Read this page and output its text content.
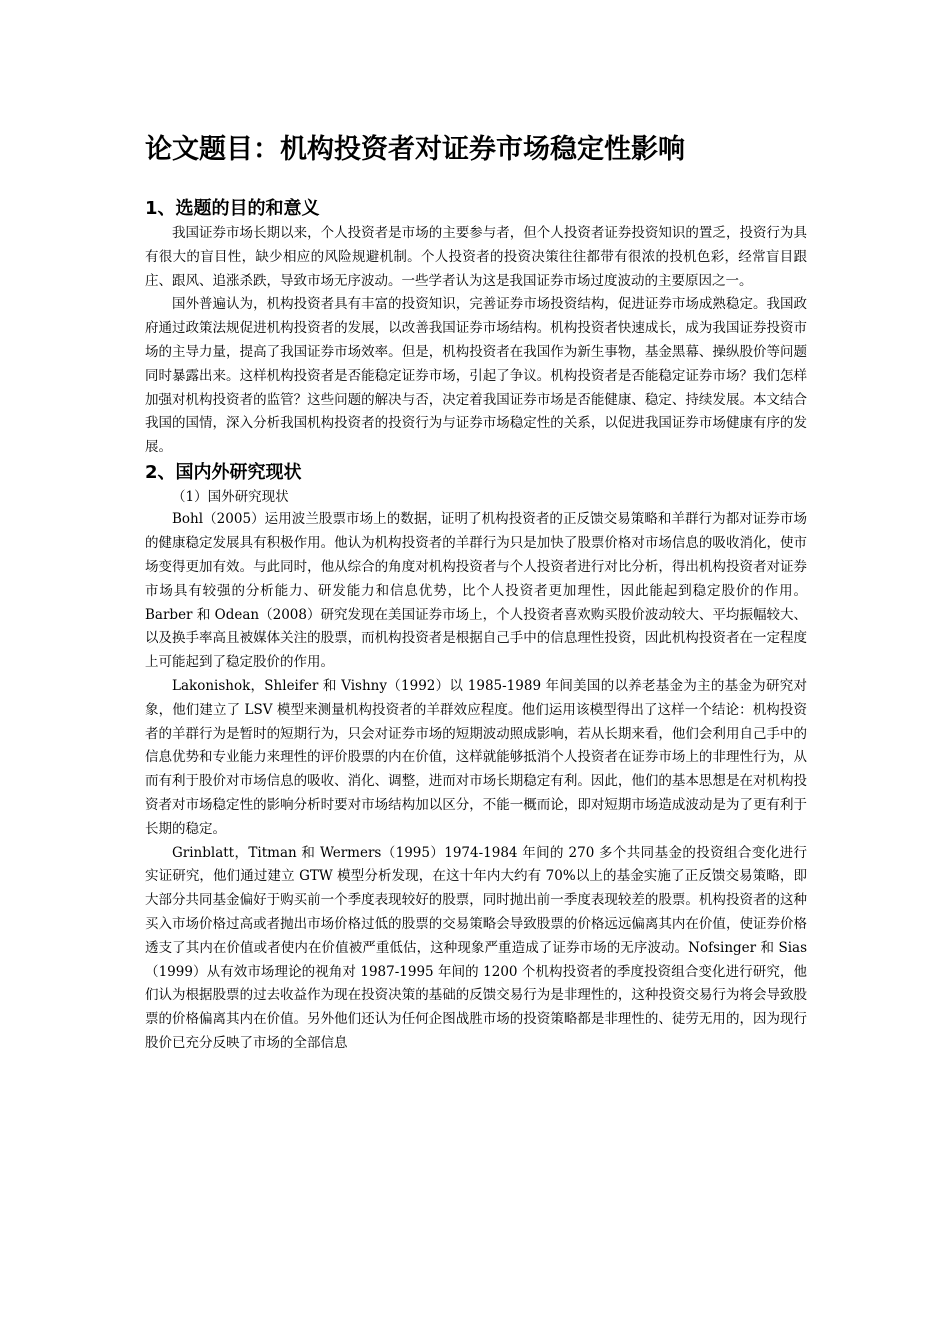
论文题目：机构投资者对证券市场稳定性影响
1、选题的目的和意义

我国证券市场长期以来，个人投资者是市场的主要参与者，但个人投资者证券投资知识的置乏，投资行为具有很大的盲目性，缺少相应的风险规避机制。个人投资者的投资决策往往都带有很浓的投机色彩，经常盲目跟庄、跟风、追涨杀跌，导致市场无序波动。一些学者认为这是我国证券市场过度波动的主要原因之一。

国外普遍认为，机构投资者具有丰富的投资知识，完善证券市场投资结构，促进证券市场成熟稳定。我国政府通过政策法规促进机构投资者的发展，以改善我国证券市场结构。机构投资者快速成长，成为我国证券投资市场的主导力量，提高了我国证券市场效率。但是，机构投资者在我国作为新生事物，基金黑幕、操纵股价等问题同时暴露出来。这样机构投资者是否能稳定证券市场，引起了争议。机构投资者是否能稳定证券市场？我们怎样加强对机构投资者的监管？这些问题的解决与否，决定着我国证券市场是否能健康、稳定、持续发展。本文结合我国的国情，深入分析我国机构投资者的投资行为与证券市场稳定性的关系，以促进我国证券市场健康有序的发展。

2、国内外研究现状

（1）国外研究现状

Bohl（2005）运用波兰股票市场上的数据，证明了机构投资者的正反馈交易策略和羊群行为都对证券市场的健康稳定发展具有积极作用。他认为机构投资者的羊群行为只是加快了股票价格对市场信息的吸收消化，使市场变得更加有效。与此同时，他从综合的角度对机构投资者与个人投资者进行对比分析，得出机构投资者对证券市场具有较强的分析能力、研发能力和信息优势，比个人投资者更加理性，因此能起到稳定股价的作用。Barber 和 Odean（2008）研究发现在美国证券市场上，个人投资者喜欢购买股价波动较大、平均振幅较大、以及换手率高且被媒体关注的股票，而机构投资者是根据自己手中的信息理性投资，因此机构投资者在一定程度上可能起到了稳定股价的作用。

Lakonishok，Shleifer 和 Vishny（1992）以 1985-1989 年间美国的以养老基金为主的基金为研究对象，他们建立了 LSV 模型来测量机构投资者的羊群效应程度。他们运用该模型得出了这样一个结论：机构投资者的羊群行为是暂时的短期行为，只会对证券市场的短期波动照成影响，若从长期来看，他们会利用自己手中的信息优势和专业能力来理性的评价股票的内在价值，这样就能够抵消个人投资者在证券市场上的非理性行为，从而有利于股价对市场信息的吸收、消化、调整，进而对市场长期稳定有利。因此，他们的基本思想是在对机构投资者对市场稳定性的影响分析时要对市场结构加以区分，不能一概而论，即对短期市场造成波动是为了更有利于长期的稳定。

Grinblatt，Titman 和 Wermers（1995）1974-1984 年间的 270 多个共同基金的投资组合变化进行实证研究，他们通过建立 GTW 模型分析发现，在这十年内大约有 70%以上的基金实施了正反馈交易策略，即大部分共同基金偏好于购买前一个季度表现较好的股票，同时抛出前一季度表现较差的股票。机构投资者的这种买入市场价格过高或者抛出市场价格过低的股票的交易策略会导致股票的价格远远偏离其内在价值，使证券价格透支了其内在价值或者使内在价值被严重低估，这种现象严重造成了证券市场的无序波动。Nofsinger 和 Sias（1999）从有效市场理论的视角对 1987-1995 年间的 1200 个机构投资者的季度投资组合变化进行研究，他们认为根据股票的过去收益作为现在投资决策的基础的反馈交易行为是非理性的，这种投资交易行为将会导致股票的价格偏离其内在价值。另外他们还认为任何企图战胜市场的投资策略都是非理性的、徒劳无用的，因为现行股价已充分反映了市场的全部信息
